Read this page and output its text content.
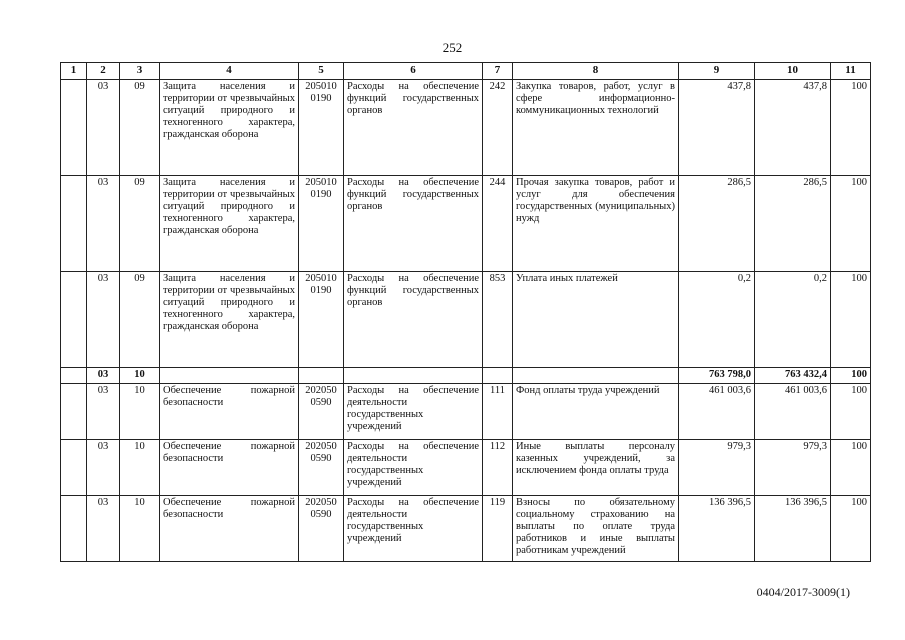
252
1	2	3	4	5	6	7	8	9	10	11
	03	09	Защита населения и территории от чрезвычайных ситуаций природного и техногенного характера, гражданская оборона	205010 0190	Расходы на обеспечение функций государственных органов	242	Закупка товаров, работ, услуг в сфере информационно-коммуникационных технологий	437,8	437,8	100
	03	09	Защита населения и территории от чрезвычайных ситуаций природного и техногенного характера, гражданская оборона	205010 0190	Расходы на обеспечение функций государственных органов	244	Прочая закупка товаров, работ и услуг для обеспечения государственных (муниципальных) нужд	286,5	286,5	100
	03	09	Защита населения и территории от чрезвычайных ситуаций природного и техногенного характера, гражданская оборона	205010 0190	Расходы на обеспечение функций государственных органов	853	Уплата иных платежей	0,2	0,2	100
	03	10						763 798,0	763 432,4	100
	03	10	Обеспечение пожарной безопасности	202050 0590	Расходы на обеспечение деятельности государственных учреждений	111	Фонд оплаты труда учреждений	461 003,6	461 003,6	100
	03	10	Обеспечение пожарной безопасности	202050 0590	Расходы на обеспечение деятельности государственных учреждений	112	Иные выплаты персоналу казенных учреждений, за исключением фонда оплаты труда	979,3	979,3	100
	03	10	Обеспечение пожарной безопасности	202050 0590	Расходы на обеспечение деятельности государственных учреждений	119	Взносы по обязательному социальному страхованию на выплаты по оплате труда работников и иные выплаты работникам учреждений	136 396,5	136 396,5	100
0404/2017-3009(1)
